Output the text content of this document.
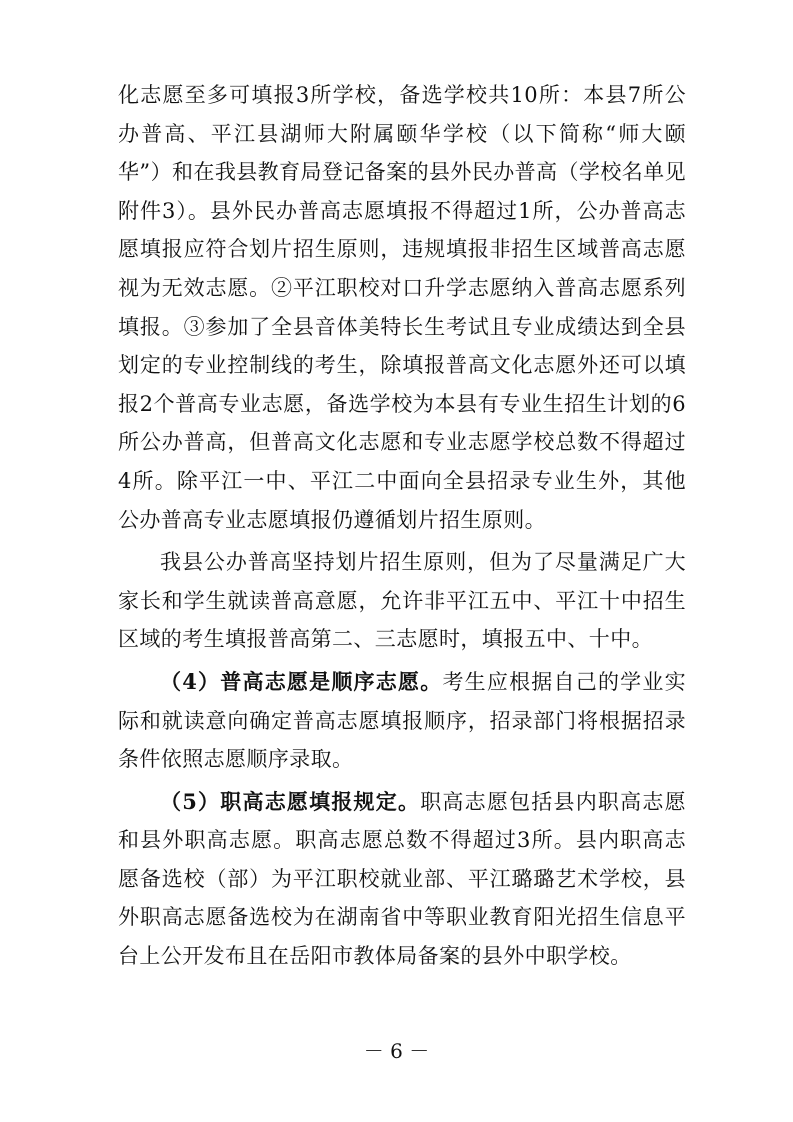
化志愿至多可填报3所学校，备选学校共10所：本县7所公办普高、平江县湖师大附属颐华学校（以下简称“师大颐华”）和在我县教育局登记备案的县外民办普高（学校名单见附件3）。县外民办普高志愿填报不得超过1所，公办普高志愿填报应符合划片招生原则，违规填报非招生区域普高志愿视为无效志愿。②平江职校对口升学志愿纳入普高志愿系列填报。③参加了全县音体美特长生考试且专业成绩达到全县划定的专业控制线的考生，除填报普高文化志愿外还可以填报2个普高专业志愿，备选学校为本县有专业生招生计划的6所公办普高，但普高文化志愿和专业志愿学校总数不得超过4所。除平江一中、平江二中面向全县招录专业生外，其他公办普高专业志愿填报仍遵循划片招生原则。

我县公办普高坚持划片招生原则，但为了尽量满足广大家长和学生就读普高意愿，允许非平江五中、平江十中招生区域的考生填报普高第二、三志愿时，填报五中、十中。

（4）普高志愿是顺序志愿。考生应根据自己的学业实际和就读意向确定普高志愿填报顺序，招录部门将根据招录条件依照志愿顺序录取。

（5）职高志愿填报规定。职高志愿包括县内职高志愿和县外职高志愿。职高志愿总数不得超过3所。县内职高志愿备选校（部）为平江职校就业部、平江璐璐艺术学校，县外职高志愿备选校为在湖南省中等职业教育阳光招生信息平台上公开发布且在岳阳市教体局备案的县外中职学校。

－ 6 －
